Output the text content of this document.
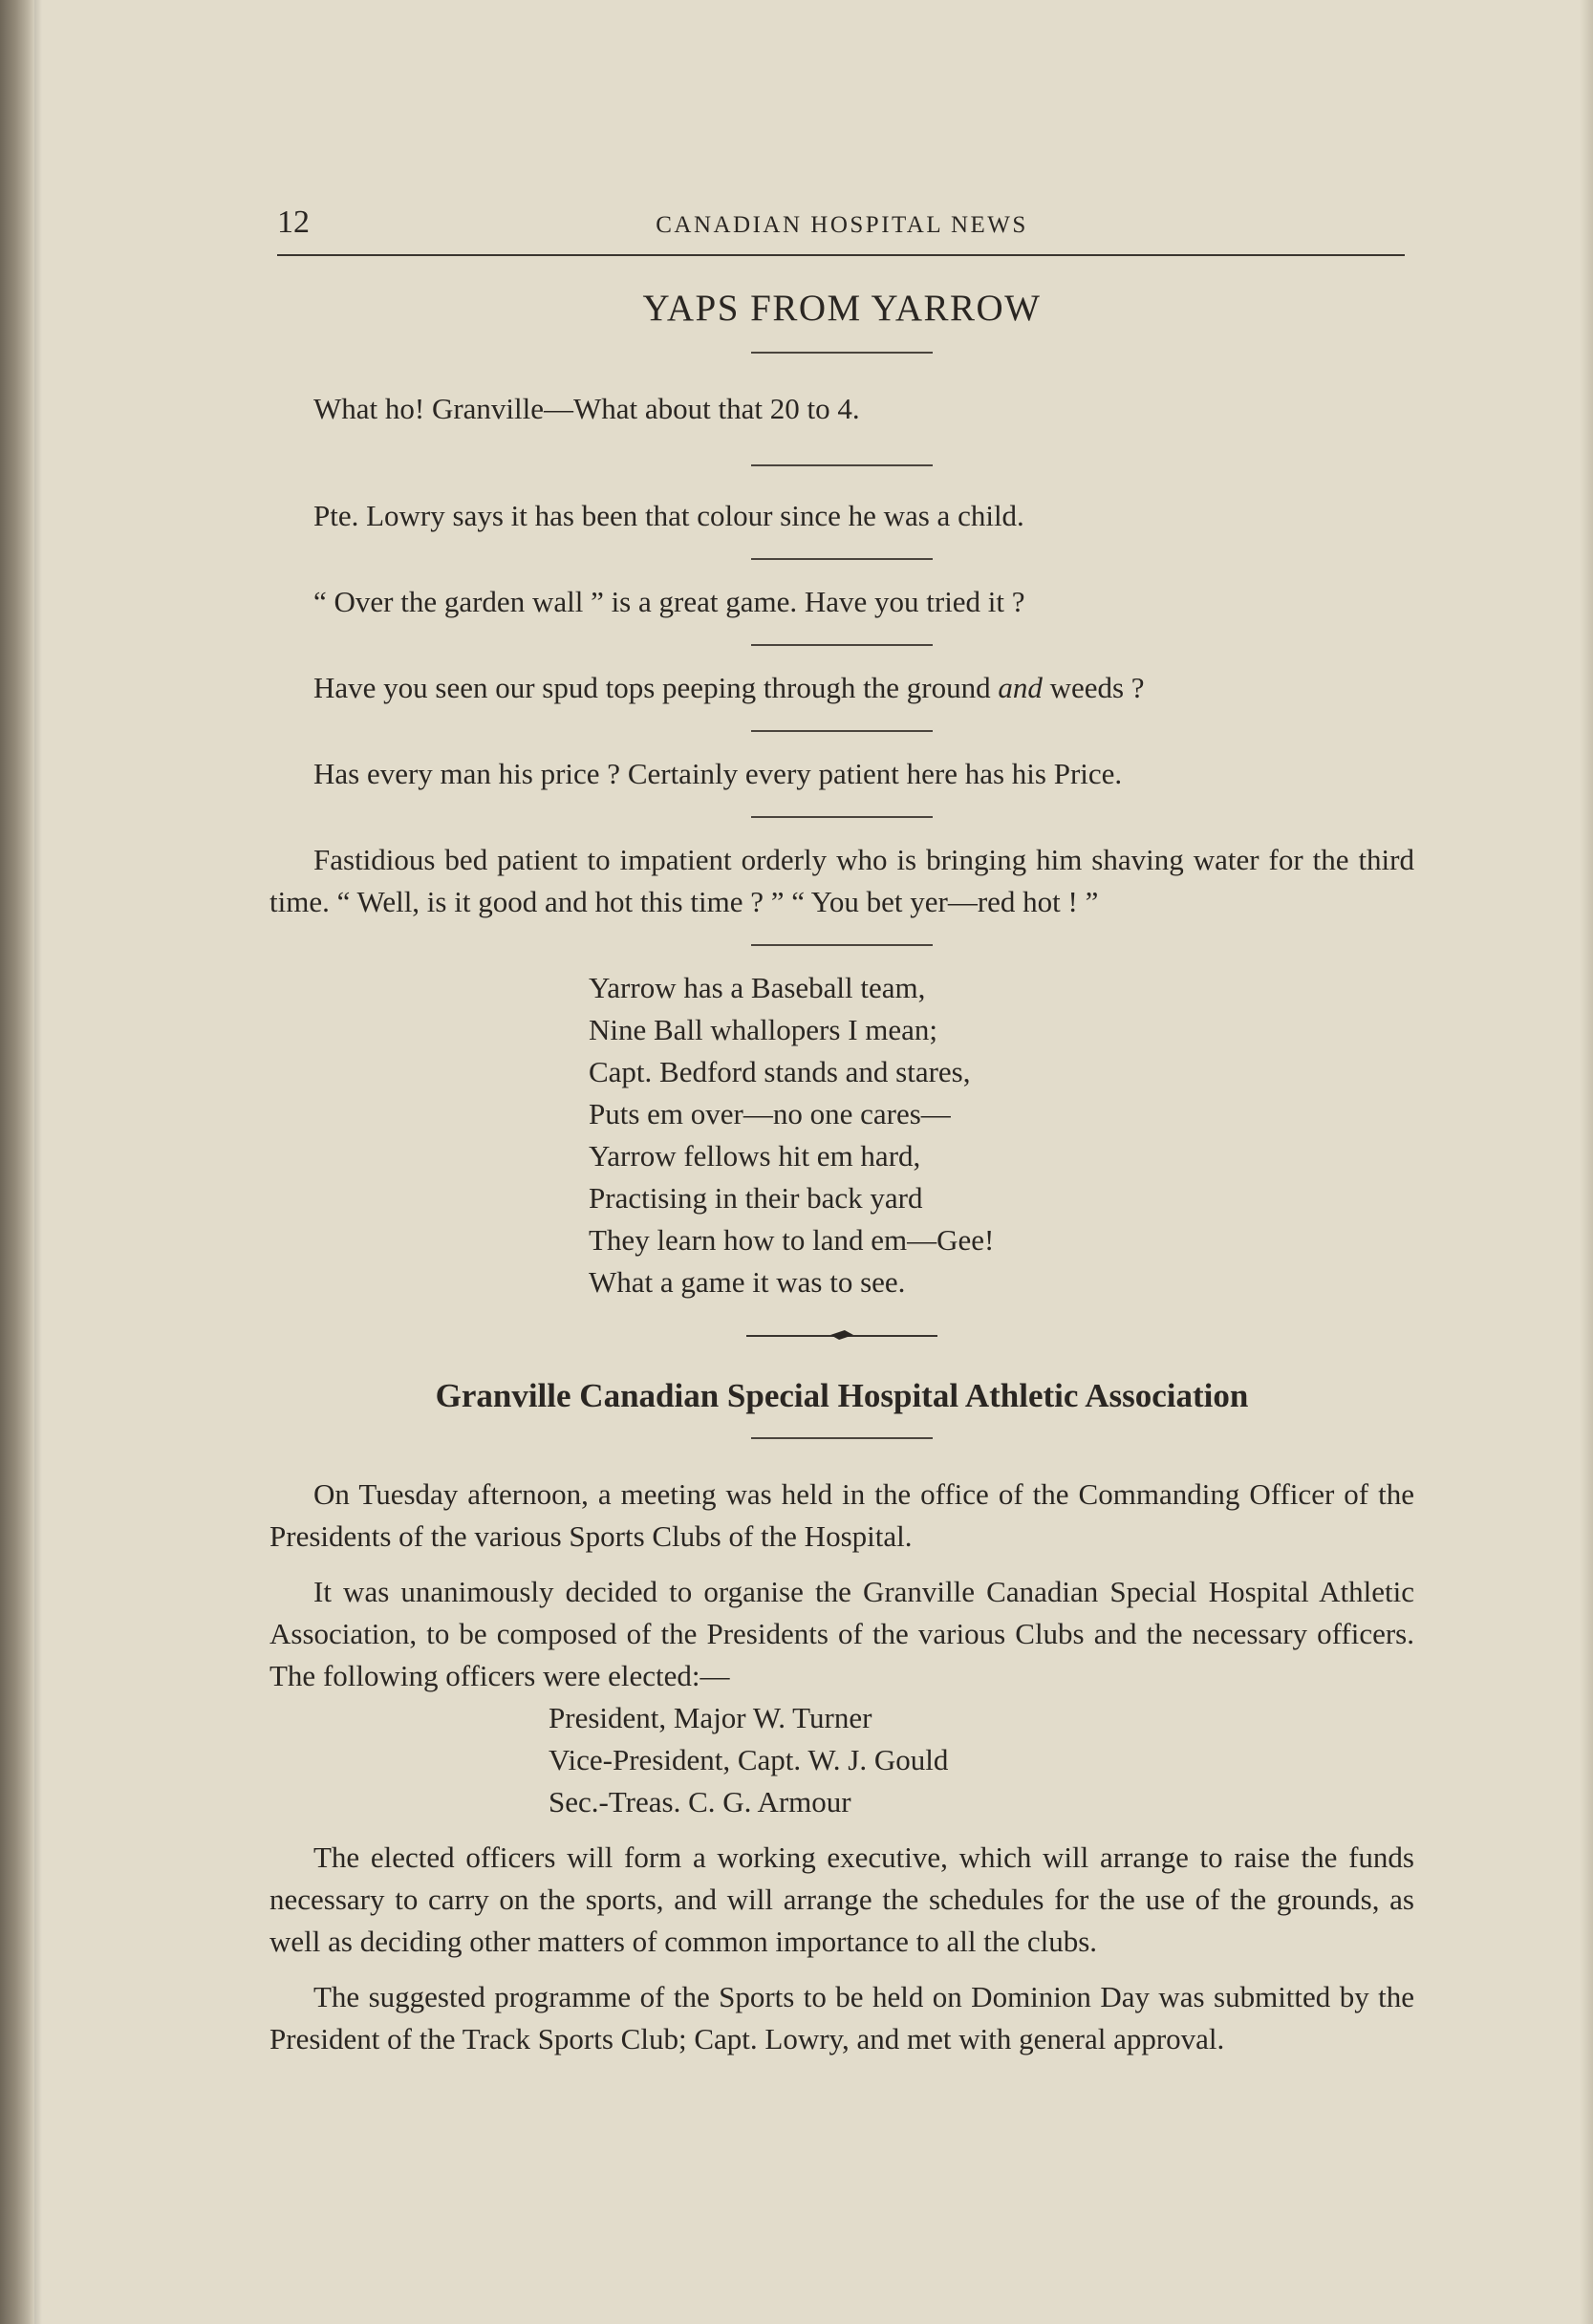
12	CANADIAN HOSPITAL NEWS
YAPS FROM YARROW

What ho! Granville—What about that 20 to 4.

Pte. Lowry says it has been that colour since he was a child.

“ Over the garden wall ” is a great game. Have you tried it ?

Have you seen our spud tops peeping through the ground and weeds ?

Has every man his price ? Certainly every patient here has his Price.

Fastidious bed patient to impatient orderly who is bringing him shaving water for the third time. “ Well, is it good and hot this time ? ” “ You bet yer—red hot ! ”

Yarrow has a Baseball team,
Nine Ball whallopers I mean;
Capt. Bedford stands and stares,
Puts em over—no one cares—
Yarrow fellows hit em hard,
Practising in their back yard
They learn how to land em—Gee!
What a game it was to see.
Granville Canadian Special Hospital Athletic Association

On Tuesday afternoon, a meeting was held in the office of the Commanding Officer of the Presidents of the various Sports Clubs of the Hospital.

It was unanimously decided to organise the Granville Canadian Special Hospital Athletic Association, to be composed of the Presidents of the various Clubs and the necessary officers. The following officers were elected:—

President, Major W. Turner
Vice-President, Capt. W. J. Gould
Sec.-Treas. C. G. Armour

The elected officers will form a working executive, which will arrange to raise the funds necessary to carry on the sports, and will arrange the schedules for the use of the grounds, as well as deciding other matters of common importance to all the clubs.

The suggested programme of the Sports to be held on Dominion Day was submitted by the President of the Track Sports Club; Capt. Lowry, and met with general approval.
